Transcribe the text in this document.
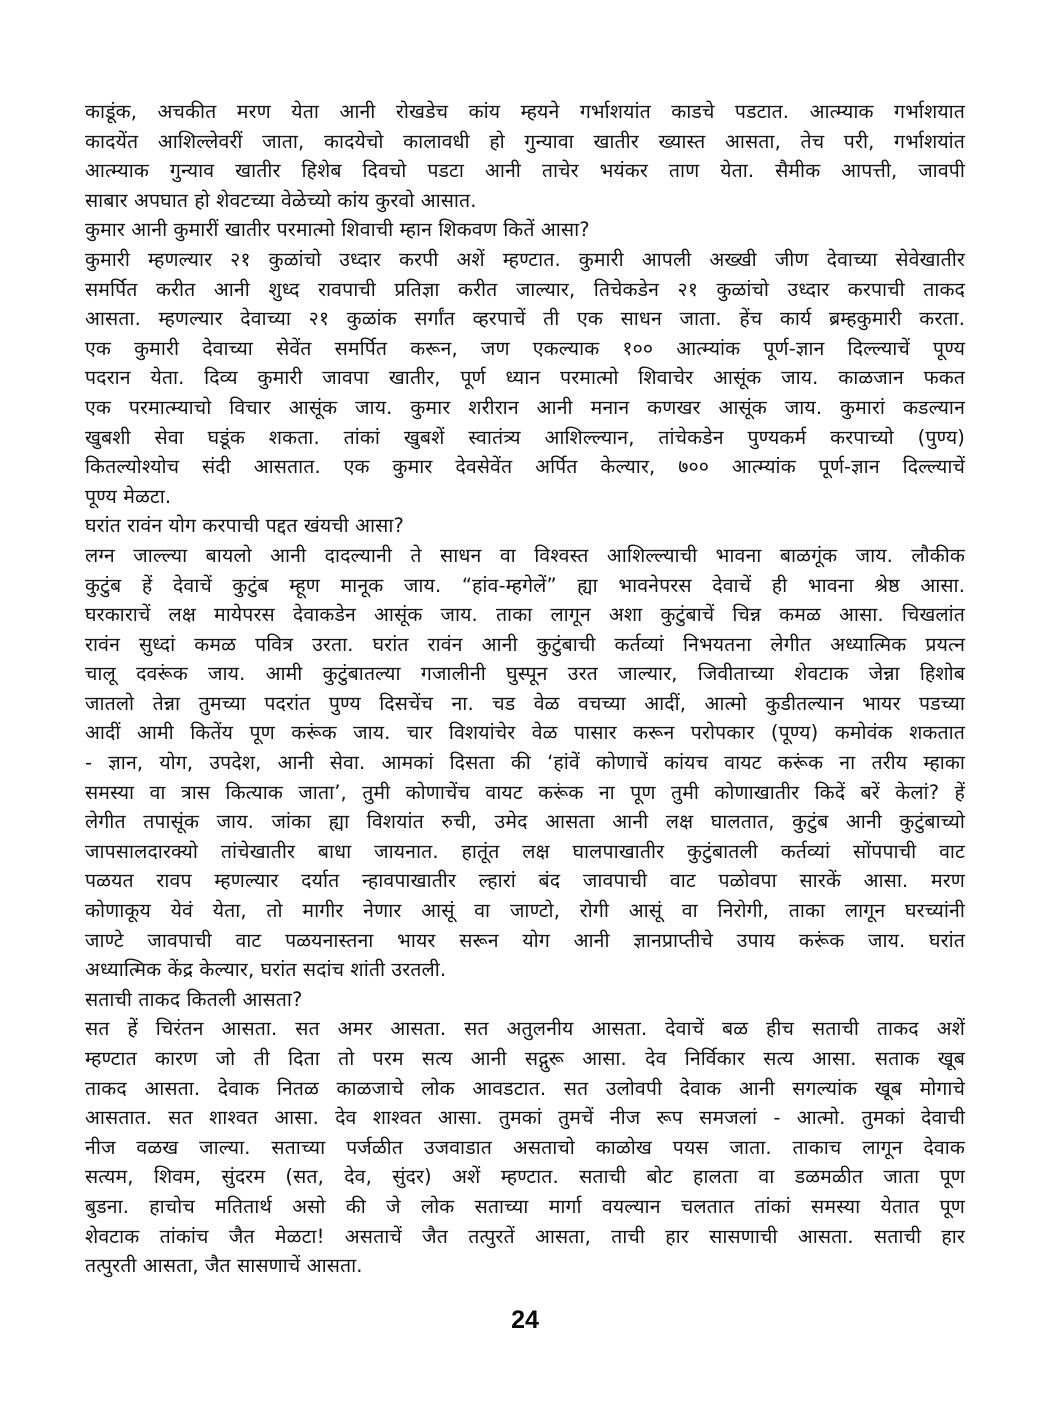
काडूंक, अचकीत मरण येता आनी रोखडेच कांय म्हयने गर्भाशयांत काडचे पडटात. आत्म्याक गर्भाशयात
कादयेंत आशिल्लेवरीं जाता, कादयेचो कालावधी हो गुन्यावा खातीर ख्यास्त आसता, तेच परी, गर्भाशयांत
आत्म्याक गुन्याव खातीर हिशेब दिवचो पडटा आनी ताचेर भयंकर ताण येता. सैमीक आपत्ती, जावपी
साबार अपघात हो शेवटच्या वेळेच्यो कांय कुरवो आसात.
कुमार आनी कुमारीं खातीर परमात्मो शिवाची म्हान शिकवण कितें आसा?
कुमारी म्हणल्यार २१ कुळांचो उध्दार करपी अशें म्हण्टात. कुमारी आपली अख्खी जीण देवाच्या सेवेखातीर
समर्पित करीत आनी शुध्द रावपाची प्रतिज्ञा करीत जाल्यार, तिचेकडेन २१ कुळांचो उध्दार करपाची ताकद
आसता. म्हणल्यार देवाच्या २१ कुळांक सर्गांत व्हरपाचें ती एक साधन जाता. हेंच कार्य ब्रम्हकुमारी करता.
एक कुमारी देवाच्या सेवेंत समर्पित करून, जण एकल्याक १०० आत्म्यांक पूर्ण-ज्ञान दिल्ल्याचें पूण्य
पदरान येता. दिव्य कुमारी जावपा खातीर, पूर्ण ध्यान परमात्मो शिवाचेर आसूंक जाय. काळजान फकत
एक परमात्म्याचो विचार आसूंक जाय. कुमार शरीरान आनी मनान कणखर आसूंक जाय. कुमारां कडल्यान
खुबशी सेवा घडूंक शकता. तांकां खुबशें स्वातंत्र्य आशिल्ल्यान, तांचेकडेन पुण्यकर्म करपाच्यो (पुण्य)
कितल्योश्योच संदी आसतात. एक कुमार देवसेवेंत अर्पित केल्यार, ७०० आत्म्यांक पूर्ण-ज्ञान दिल्ल्याचें
पूण्य मेळटा.
घरांत रावंन योग करपाची पद्दत खंयची आसा?
लग्न जाल्ल्या बायलो आनी दादल्यानी ते साधन वा विश्वस्त आशिल्ल्याची भावना बाळगूंक जाय. लौकीक
कुटुंब हें देवाचें कुटुंब म्हूण मानूक जाय. “हांव-म्हगेलें” ह्या भावनेपरस देवाचें ही भावना श्रेष्ठ आसा.
घरकाराचें लक्ष मायेपरस देवाकडेन आसूंक जाय. ताका लागून अशा कुटुंबाचें चिन्न कमळ आसा. चिखलांत
रावंन सुध्दां कमळ पवित्र उरता. घरांत रावंन आनी कुटुंबाची कर्तव्यां निभयतना लेगीत अध्यात्मिक प्रयत्न
चालू दवरूंक जाय. आमी कुटुंबातल्या गजालीनी घुस्पून उरत जाल्यार, जिवीताच्या शेवटाक जेन्ना हिशोब
जातलो तेन्ना तुमच्या पदरांत पुण्य दिसचेंच ना. चड वेळ वचच्या आदीं, आत्मो कुडीतल्यान भायर पडच्या
आदीं आमी कितेंय पूण करूंक जाय. चार विशयांचेर वेळ पासार करून परोपकार (पूण्य) कमोवंक शकतात
- ज्ञान, योग, उपदेश, आनी सेवा. आमकां दिसता की ‘हांवें कोणाचें कांयच वायट करूंक ना तरीय म्हाका
समस्या वा त्रास कित्याक जाता’, तुमी कोणाचेंच वायट करूंक ना पूण तुमी कोणाखातीर किदें बरें केलां? हें
लेगीत तपासूंक जाय. जांका ह्या विशयांत रुची, उमेद आसता आनी लक्ष घालतात, कुटुंब आनी कुटुंबाच्यो
जापसालदारक्यो तांचेखातीर बाधा जायनात. हातूंत लक्ष घालपाखातीर कुटुंबातली कर्तव्यां सोंपपाची वाट
पळयत रावप म्हणल्यार दर्यात न्हावपाखातीर ल्हारां बंद जावपाची वाट पळोवपा सारकें आसा. मरण
कोणाकूय येवं येता, तो मागीर नेणार आसूं वा जाण्टो, रोगी आसूं वा निरोगी, ताका लागून घरच्यांनी
जाण्टे जावपाची वाट पळयनास्तना भायर सरून योग आनी ज्ञानप्राप्तीचे उपाय करूंक जाय. घरांत
अध्यात्मिक केंद्र केल्यार, घरांत सदांच शांती उरतली.
सताची ताकद कितली आसता?
सत हें चिरंतन आसता. सत अमर आसता. सत अतुलनीय आसता. देवाचें बळ हीच सताची ताकद अशें
म्हण्टात कारण जो ती दिता तो परम सत्य आनी सद्गुरू आसा. देव निर्विकार सत्य आसा. सताक खूब
ताकद आसता. देवाक नितळ काळजाचे लोक आवडटात. सत उलोवपी देवाक आनी सगल्यांक खूब मोगाचे
आसतात. सत शाश्वत आसा. देव शाश्वत आसा. तुमकां तुमचें नीज रूप समजलां - आत्मो. तुमकां देवाची
नीज वळख जाल्या. सताच्या पर्जळीत उजवाडात असताचो काळोख पयस जाता. ताकाच लागून देवाक
सत्यम, शिवम, सुंदरम (सत, देव, सुंदर) अशें म्हण्टात. सताची बोट हालता वा डळमळीत जाता पूण
बुडना. हाचोच मतितार्थ असो की जे लोक सताच्या मार्गा वयल्यान चलतात तांकां समस्या येतात पूण
शेवटाक तांकांच जैत मेळटा! असताचें जैत तत्पुरतें आसता, ताची हार सासणाची आसता. सताची हार
तत्पुरती आसता, जैत सासणाचें आसता.
24
